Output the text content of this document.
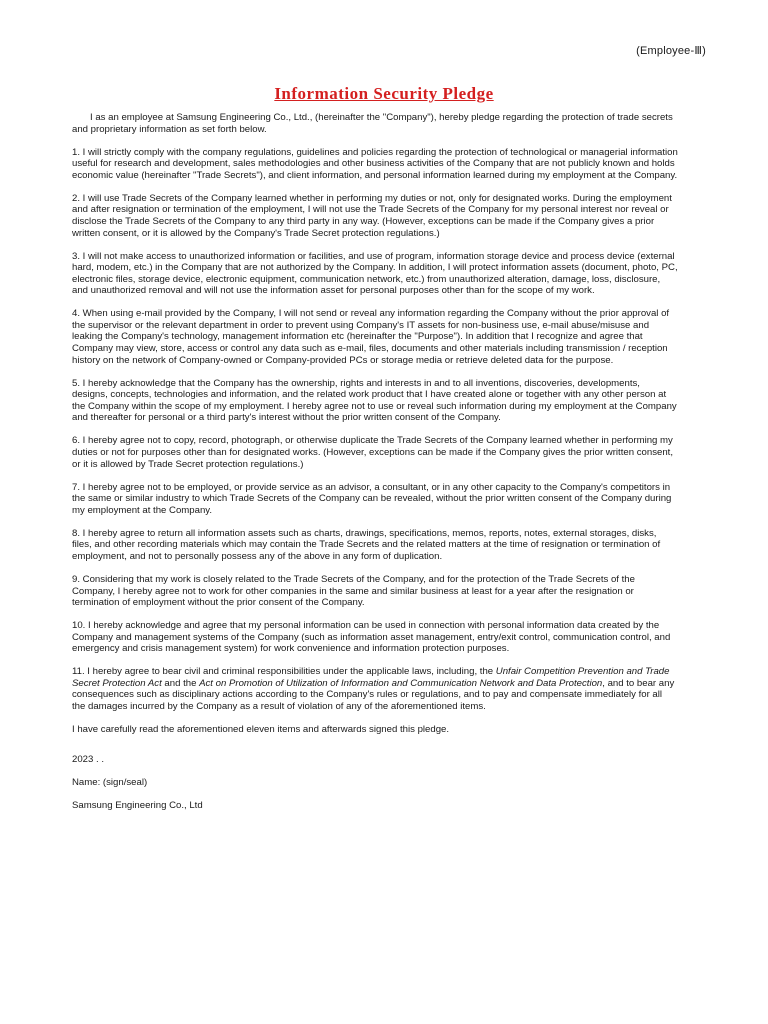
(Employee-Ⅲ)
Information Security Pledge

I as an employee at Samsung Engineering Co., Ltd., (hereinafter the "Company"), hereby pledge regarding the protection of trade secrets and proprietary information as set forth below.

1. I will strictly comply with the company regulations, guidelines and policies regarding the protection of technological or managerial information useful for research and development, sales methodologies and other business activities of the Company that are not publicly known and holds economic value (hereinafter "Trade Secrets"), and client information, and personal information learned during my employment at the Company.

2. I will use Trade Secrets of the Company learned whether in performing my duties or not, only for designated works. During the employment and after resignation or termination of the employment, I will not use the Trade Secrets of the Company for my personal interest nor reveal or disclose the Trade Secrets of the Company to any third party in any way. (However, exceptions can be made if the Company gives a prior written consent, or it is allowed by the Company's Trade Secret protection regulations.)

3. I will not make access to unauthorized information or facilities, and use of program, information storage device and process device (external hard, modem, etc.) in the Company that are not authorized by the Company. In addition, I will protect information assets (document, photo, PC, electronic files, storage device, electronic equipment, communication network, etc.) from unauthorized alteration, damage, loss, disclosure, and unauthorized removal and will not use the information asset for personal purposes other than for the scope of my work.

4. When using e-mail provided by the Company, I will not send or reveal any information regarding the Company without the prior approval of the supervisor or the relevant department in order to prevent using Company's IT assets for non-business use, e-mail abuse/misuse and leaking the Company's technology, management information etc (hereinafter the "Purpose"). In addition that I recognize and agree that Company may view, store, access or control any data such as e-mail, files, documents and other materials including transmission / reception history on the network of Company-owned or Company-provided PCs or storage media or retrieve deleted data for the purpose.

5. I hereby acknowledge that the Company has the ownership, rights and interests in and to all inventions, discoveries, developments, designs, concepts, technologies and information, and the related work product that I have created alone or together with any other person at the Company within the scope of my employment. I hereby agree not to use or reveal such information during my employment at the Company and thereafter for personal or a third party's interest without the prior written consent of the Company.

6. I hereby agree not to copy, record, photograph, or otherwise duplicate the Trade Secrets of the Company learned whether in performing my duties or not for purposes other than for designated works. (However, exceptions can be made if the Company gives the prior written consent, or it is allowed by Trade Secret protection regulations.)

7. I hereby agree not to be employed, or provide service as an advisor, a consultant, or in any other capacity to the Company's competitors in the same or similar industry to which Trade Secrets of the Company can be revealed, without the prior written consent of the Company during my employment at the Company.

8. I hereby agree to return all information assets such as charts, drawings, specifications, memos, reports, notes, external storages, disks, files, and other recording materials which may contain the Trade Secrets and the related matters at the time of resignation or termination of employment, and not to personally possess any of the above in any form of duplication.

9. Considering that my work is closely related to the Trade Secrets of the Company, and for the protection of the Trade Secrets of the Company, I hereby agree not to work for other companies in the same and similar business at least for a year after the resignation or termination of employment without the prior consent of the Company.

10. I hereby acknowledge and agree that my personal information can be used in connection with personal information data created by the Company and management systems of the Company (such as information asset management, entry/exit control, communication control, and emergency and crisis management system) for work convenience and information protection purposes.

11. I hereby agree to bear civil and criminal responsibilities under the applicable laws, including, the Unfair Competition Prevention and Trade Secret Protection Act and the Act on Promotion of Utilization of Information and Communication Network and Data Protection, and to bear any consequences such as disciplinary actions according to the Company's rules or regulations, and to pay and compensate immediately for all the damages incurred by the Company as a result of violation of any of the aforementioned items.

I have carefully read the aforementioned eleven items and afterwards signed this pledge.

2023 . .

Name: (sign/seal)

Samsung Engineering Co., Ltd
